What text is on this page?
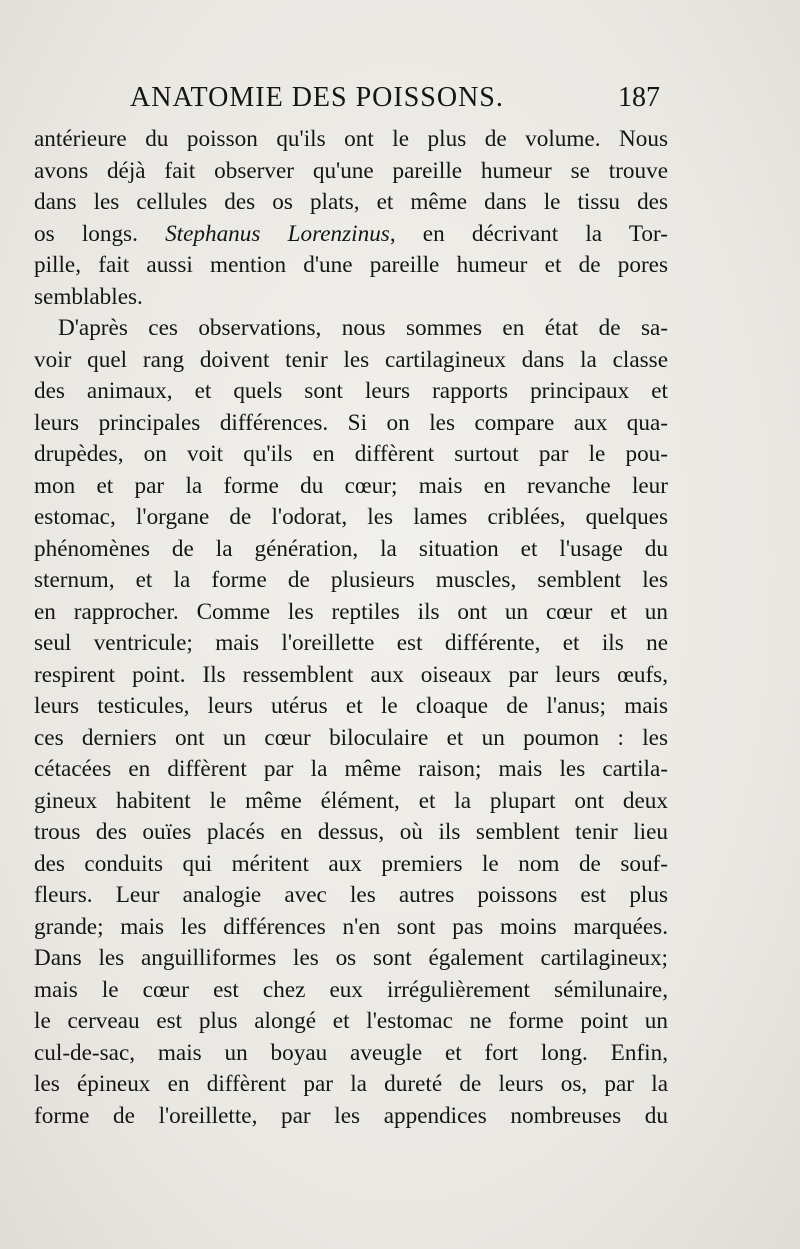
ANATOMIE DES POISSONS.	187
antérieure du poisson qu'ils ont le plus de volume. Nous
avons déjà fait observer qu'une pareille humeur se trouve
dans les cellules des os plats, et même dans le tissu des
os longs. Stephanus Lorenzinus, en décrivant la Tor-
pille, fait aussi mention d'une pareille humeur et de pores
semblables.
D'après ces observations, nous sommes en état de sa-
voir quel rang doivent tenir les cartilagineux dans la classe
des animaux, et quels sont leurs rapports principaux et
leurs principales différences. Si on les compare aux qua-
drupèdes, on voit qu'ils en diffèrent surtout par le pou-
mon et par la forme du cœur; mais en revanche leur
estomac, l'organe de l'odorat, les lames criblées, quelques
phénomènes de la génération, la situation et l'usage du
sternum, et la forme de plusieurs muscles, semblent les
en rapprocher. Comme les reptiles ils ont un cœur et un
seul ventricule; mais l'oreillette est différente, et ils ne
respirent point. Ils ressemblent aux oiseaux par leurs œufs,
leurs testicules, leurs utérus et le cloaque de l'anus; mais
ces derniers ont un cœur biloculaire et un poumon : les
cétacées en diffèrent par la même raison; mais les cartila-
gineux habitent le même élément, et la plupart ont deux
trous des ouïes placés en dessus, où ils semblent tenir lieu
des conduits qui méritent aux premiers le nom de souf-
fleurs. Leur analogie avec les autres poissons est plus
grande; mais les différences n'en sont pas moins marquées.
Dans les anguilliformes les os sont également cartilagineux;
mais le cœur est chez eux irrégulièrement sémilunaire,
le cerveau est plus alongé et l'estomac ne forme point un
cul-de-sac, mais un boyau aveugle et fort long. Enfin,
les épineux en diffèrent par la dureté de leurs os, par la
forme de l'oreillette, par les appendices nombreuses du
